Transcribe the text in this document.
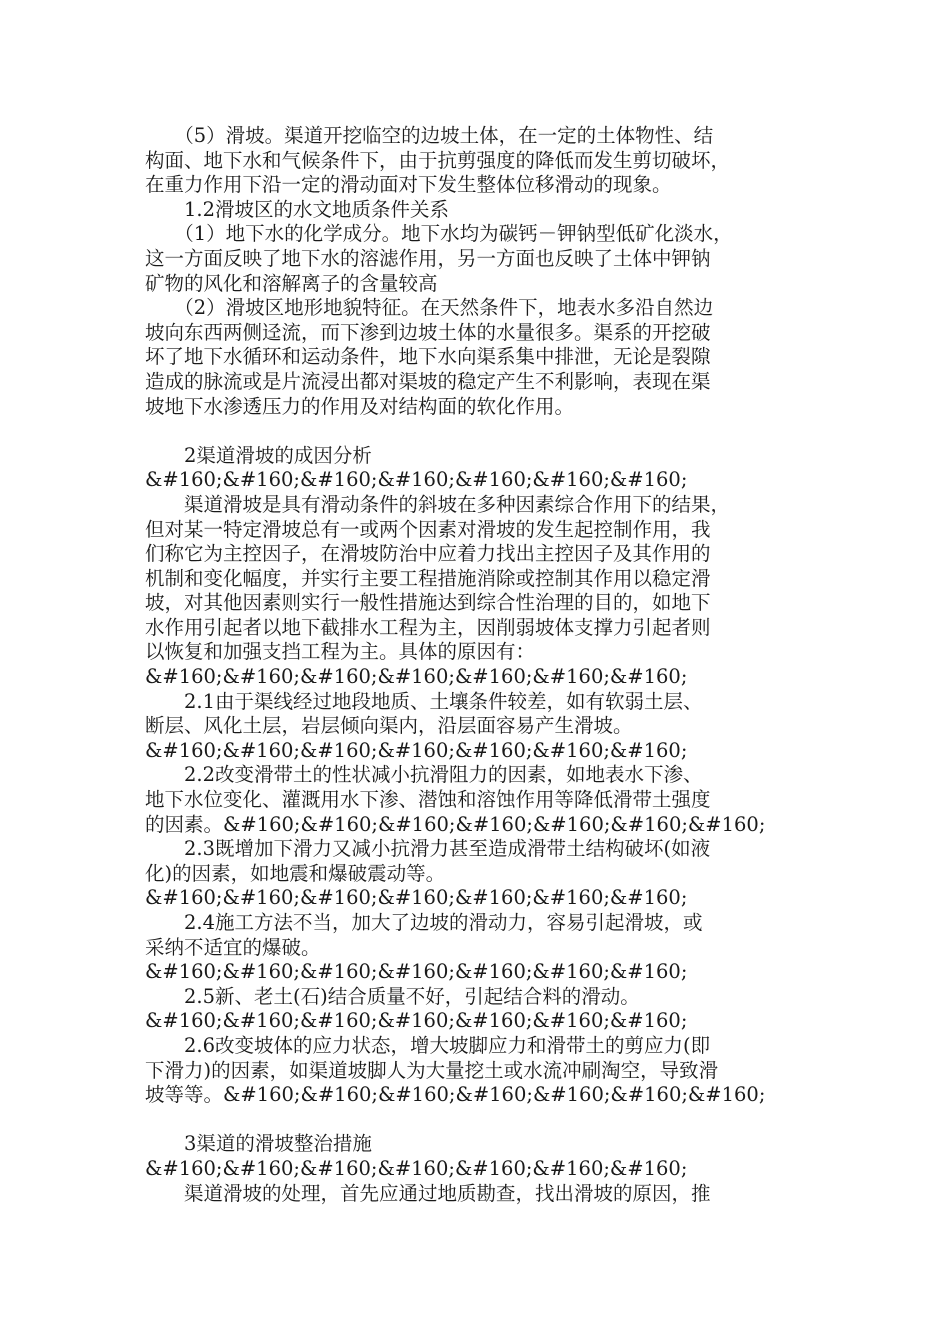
　　（5）滑坡。渠道开挖临空的边坡土体，在一定的土体物性、结
构面、地下水和气候条件下，由于抗剪强度的降低而发生剪切破坏，
在重力作用下沿一定的滑动面对下发生整体位移滑动的现象。
　　1.2滑坡区的水文地质条件关系
　　（1）地下水的化学成分。地下水均为碳钙－钾钠型低矿化淡水，
这一方面反映了地下水的溶滤作用，另一方面也反映了土体中钾钠
矿物的风化和溶解离子的含量较高
　　（2）滑坡区地形地貌特征。在天然条件下，地表水多沿自然边
坡向东西两侧迳流，而下渗到边坡土体的水量很多。渠系的开挖破
坏了地下水循环和运动条件，地下水向渠系集中排泄，无论是裂隙
造成的脉流或是片流浸出都对渠坡的稳定产生不利影响，表现在渠
坡地下水渗透压力的作用及对结构面的软化作用。
　　2渠道滑坡的成因分析
&#160;&#160;&#160;&#160;&#160;&#160;&#160;
　　渠道滑坡是具有滑动条件的斜坡在多种因素综合作用下的结果，
但对某一特定滑坡总有一或两个因素对滑坡的发生起控制作用，我
们称它为主控因子，在滑坡防治中应着力找出主控因子及其作用的
机制和变化幅度，并实行主要工程措施消除或控制其作用以稳定滑
坡，对其他因素则实行一般性措施达到综合性治理的目的，如地下
水作用引起者以地下截排水工程为主，因削弱坡体支撑力引起者则
以恢复和加强支挡工程为主。具体的原因有：
&#160;&#160;&#160;&#160;&#160;&#160;&#160;
　　2.1由于渠线经过地段地质、土壤条件较差，如有软弱土层、
断层、风化土层，岩层倾向渠内，沿层面容易产生滑坡。
&#160;&#160;&#160;&#160;&#160;&#160;&#160;
　　2.2改变滑带土的性状减小抗滑阻力的因素，如地表水下渗、
地下水位变化、灌溉用水下渗、潜蚀和溶蚀作用等降低滑带土强度
的因素。&#160;&#160;&#160;&#160;&#160;&#160;&#160;
　　2.3既增加下滑力又减小抗滑力甚至造成滑带土结构破坏(如液
化)的因素，如地震和爆破震动等。
&#160;&#160;&#160;&#160;&#160;&#160;&#160;
　　2.4施工方法不当，加大了边坡的滑动力，容易引起滑坡，或
采纳不适宜的爆破。
&#160;&#160;&#160;&#160;&#160;&#160;&#160;
　　2.5新、老土(石)结合质量不好，引起结合料的滑动。
&#160;&#160;&#160;&#160;&#160;&#160;&#160;
　　2.6改变坡体的应力状态，增大坡脚应力和滑带土的剪应力(即
下滑力)的因素，如渠道坡脚人为大量挖土或水流冲刷淘空，导致滑
坡等等。&#160;&#160;&#160;&#160;&#160;&#160;&#160;
　　3渠道的滑坡整治措施
&#160;&#160;&#160;&#160;&#160;&#160;&#160;
　　渠道滑坡的处理，首先应通过地质勘查，找出滑坡的原因，推
